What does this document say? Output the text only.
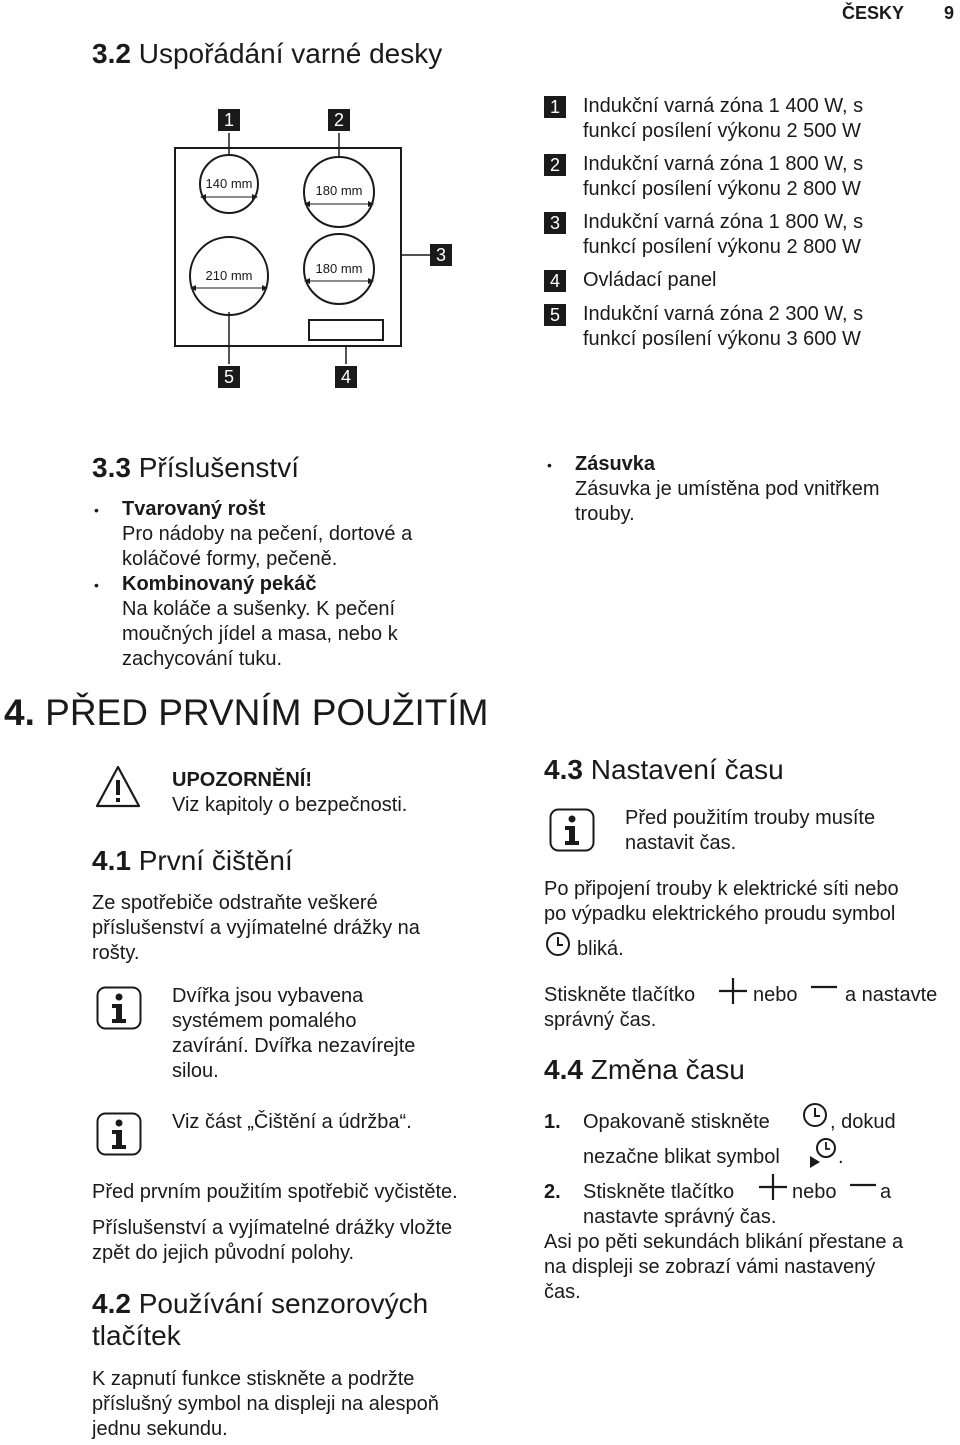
ČESKY 9
3.2 Uspořádání varné desky
140 mm	180 mm
210 mm	180 mm
1	2
3
5	4
1	Indukční varná zóna 1 400 W, s
funkcí posílení výkonu 2 500 W
2	Indukční varná zóna 1 800 W, s
funkcí posílení výkonu 2 800 W
3	Indukční varná zóna 1 800 W, s
funkcí posílení výkonu 2 800 W
4	Ovládací panel
5	Indukční varná zóna 2 300 W, s
funkcí posílení výkonu 3 600 W
3.3 Příslušenství
• Tvarovaný rošt
Pro nádoby na pečení, dortové a
koláčové formy, pečeně.
• Kombinovaný pekáč
Na koláče a sušenky. K pečení
moučných jídel a masa, nebo k
zachycování tuku.
• Zásuvka
Zásuvka je umístěna pod vnitřkem
trouby.
4. PŘED PRVNÍM POUŽITÍM
UPOZORNĚNÍ!
Viz kapitoly o bezpečnosti.
4.1 První čištění
Ze spotřebiče odstraňte veškeré
příslušenství a vyjímatelné drážky na
rošty.
Dvířka jsou vybavena
systémem pomalého
zavírání. Dvířka nezavírejte
silou.
Viz část „Čištění a údržba“.
Před prvním použitím spotřebič vyčistěte.
Příslušenství a vyjímatelné drážky vložte
zpět do jejich původní polohy.
4.2 Používání senzorových
tlačítek
K zapnutí funkce stiskněte a podržte
příslušný symbol na displeji na alespoň
jednu sekundu.
4.3 Nastavení času
Před použitím trouby musíte
nastavit čas.
Po připojení trouby k elektrické síti nebo
po výpadku elektrického proudu symbol
bliká.
Stiskněte tlačítko	nebo a nastavte
správný čas.
4.4 Změna času
1. Opakovaně stiskněte	, dokud
nezačne blikat symbol	.
2. Stiskněte tlačítko	nebo a
nastavte správný čas.
Asi po pěti sekundách blikání přestane a
na displeji se zobrazí vámi nastavený
čas.
